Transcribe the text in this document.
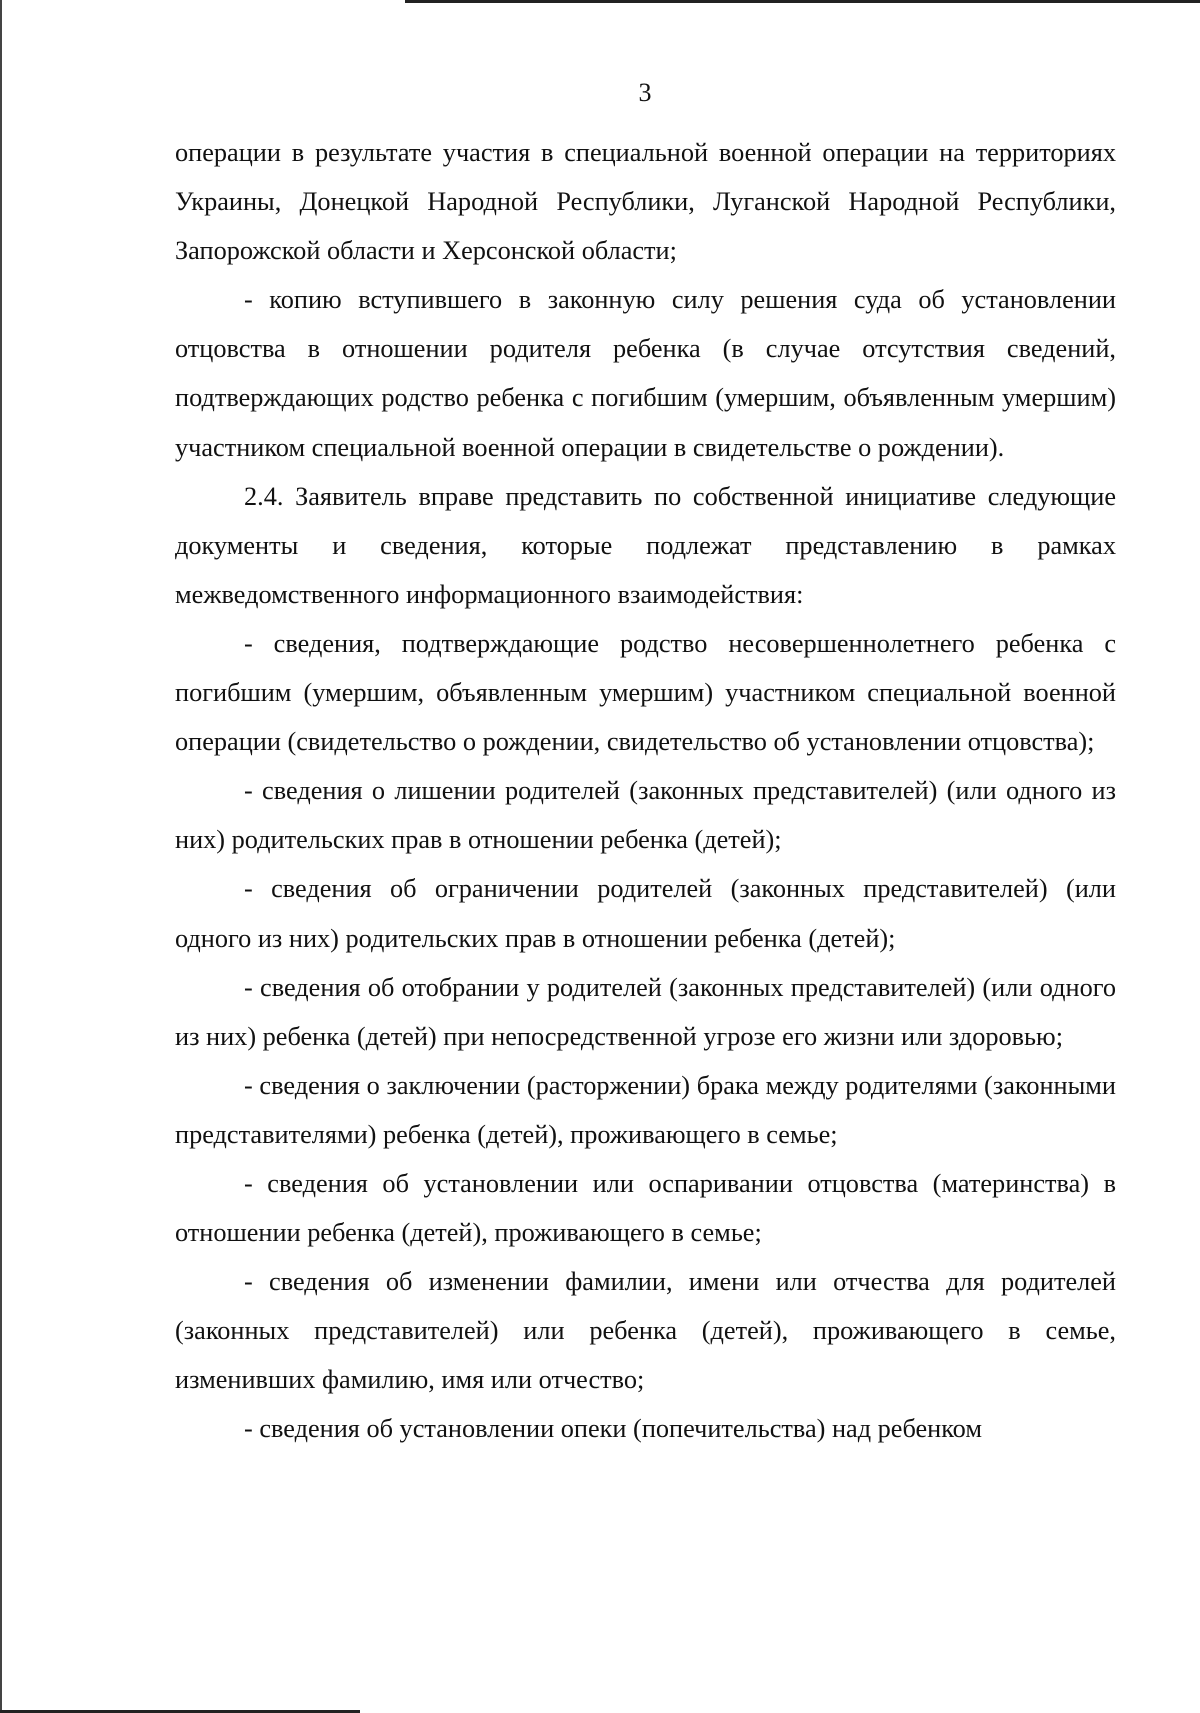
3

операции в результате участия в специальной военной операции на территориях Украины, Донецкой Народной Республики, Луганской Народной Республики, Запорожской области и Херсонской области;

- копию вступившего в законную силу решения суда об установлении отцовства в отношении родителя ребенка (в случае отсутствия сведений, подтверждающих родство ребенка с погибшим (умершим, объявленным умершим) участником специальной военной операции в свидетельстве о рождении).

2.4. Заявитель вправе представить по собственной инициативе следующие документы и сведения, которые подлежат представлению в рамках межведомственного информационного взаимодействия:

- сведения, подтверждающие родство несовершеннолетнего ребенка с погибшим (умершим, объявленным умершим) участником специальной военной операции (свидетельство о рождении, свидетельство об установлении отцовства);

- сведения о лишении родителей (законных представителей) (или одного из них) родительских прав в отношении ребенка (детей);

- сведения об ограничении родителей (законных представителей) (или одного из них) родительских прав в отношении ребенка (детей);

- сведения об отобрании у родителей (законных представителей) (или одного из них) ребенка (детей) при непосредственной угрозе его жизни или здоровью;

- сведения о заключении (расторжении) брака между родителями (законными представителями) ребенка (детей), проживающего в семье;

- сведения об установлении или оспаривании отцовства (материнства) в отношении ребенка (детей), проживающего в семье;

- сведения об изменении фамилии, имени или отчества для родителей (законных представителей) или ребенка (детей), проживающего в семье, изменивших фамилию, имя или отчество;

- сведения об установлении опеки (попечительства) над ребенком
